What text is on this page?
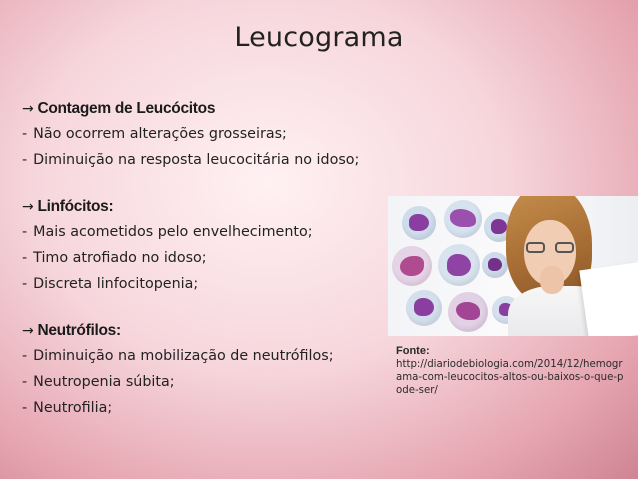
Leucograma
→ Contagem de Leucócitos
- Não ocorrem alterações grosseiras;
- Diminuição na resposta leucocitária no idoso;
→ Linfócitos:
- Mais acometidos pelo envelhecimento;
- Timo atrofiado no idoso;
- Discreta linfocitopenia;
→ Neutrófilos:
- Diminuição na mobilização de neutrófilos;
- Neutropenia súbita;
- Neutrofilia;
Fonte:
http://diariodebiologia.com/2014/12/hemograma-com-leucocitos-altos-ou-baixos-o-que-pode-ser/
